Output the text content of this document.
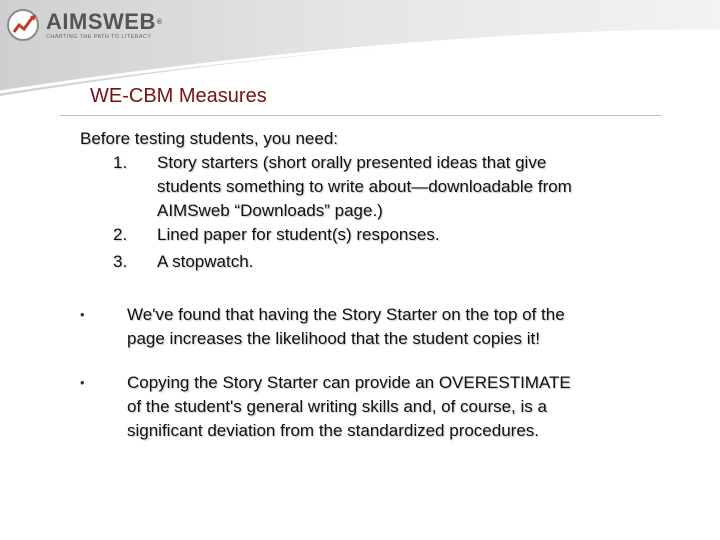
AIMSWEB®
CHARTING THE PATH TO LITERACY
WE-CBM Measures
Before testing students, you need:
1.	Story starters (short orally presented ideas that give students something to write about—downloadable from AIMSweb “Downloads” page.)
2.	Lined paper for student(s) responses.
3.	A stopwatch.
• We've found that having the Story Starter on the top of the page increases the likelihood that the student copies it!
• Copying the Story Starter can provide an OVERESTIMATE of the student's general writing skills and, of course, is a significant deviation from the standardized procedures.
